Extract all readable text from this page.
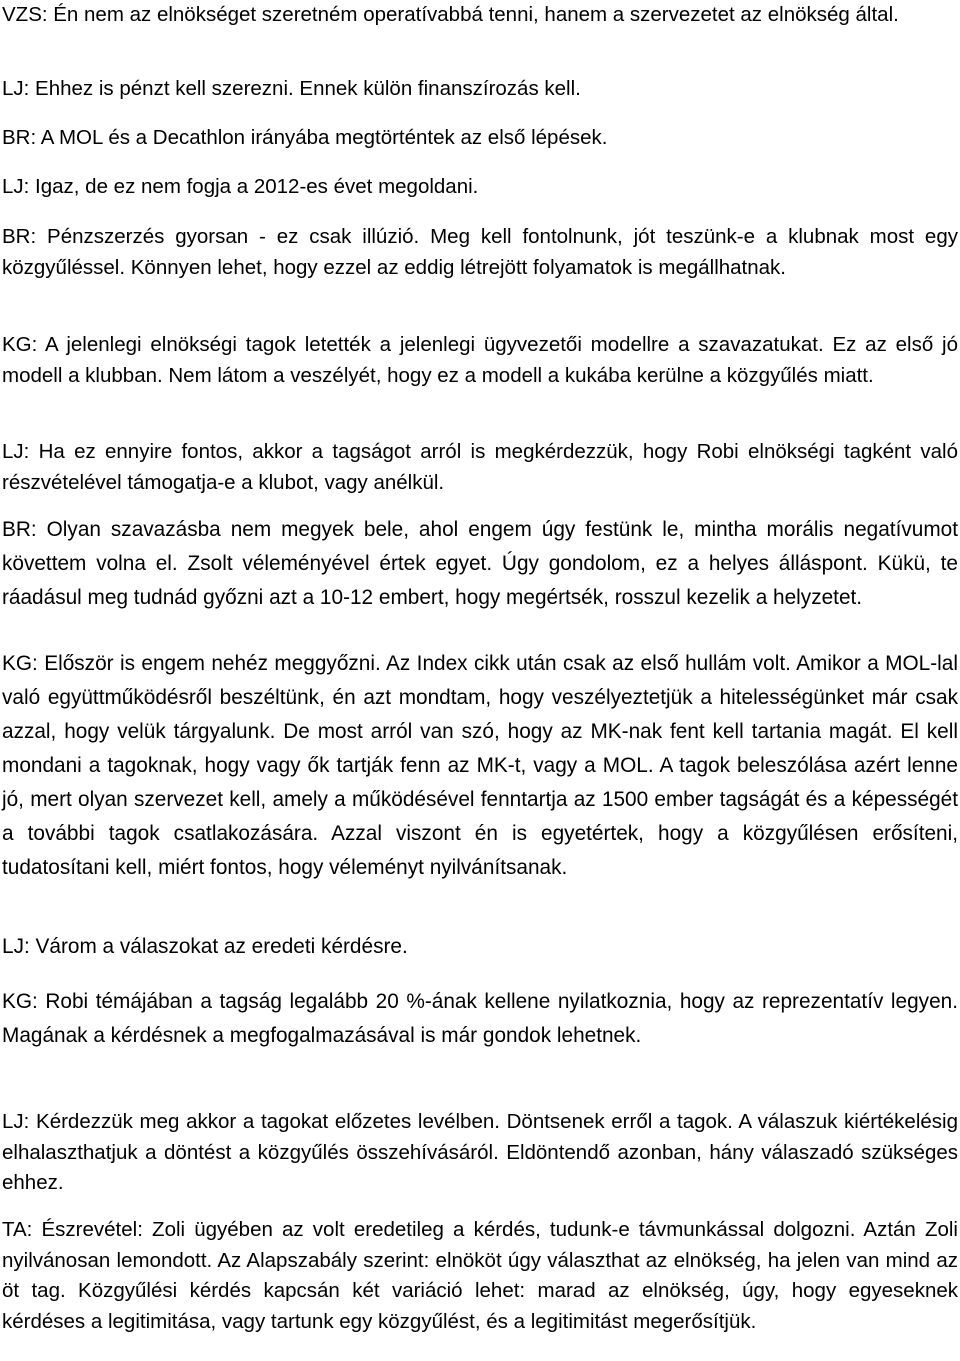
VZS: Én nem az elnökséget szeretném operatívabbá tenni, hanem a szervezetet az elnökség által.

LJ: Ehhez is pénzt kell szerezni. Ennek külön finanszírozás kell.

BR: A MOL és a Decathlon irányába megtörténtek az első lépések.

LJ: Igaz, de ez nem fogja a 2012-es évet megoldani.

BR: Pénzszerzés gyorsan - ez csak illúzió. Meg kell fontolnunk, jót teszünk-e a klubnak most egy közgyűléssel. Könnyen lehet, hogy ezzel az eddig létrejött folyamatok is megállhatnak.

KG: A jelenlegi elnökségi tagok letették a jelenlegi ügyvezetői modellre a szavazatukat. Ez az első jó modell a klubban. Nem látom a veszélyét, hogy ez a modell a kukába kerülne a közgyűlés miatt.

LJ: Ha ez ennyire fontos, akkor a tagságot arról is megkérdezzük, hogy Robi elnökségi tagként való részvételével támogatja-e a klubot, vagy anélkül.

BR: Olyan szavazásba nem megyek bele, ahol engem úgy festünk le, mintha morális negatívumot követtem volna el. Zsolt véleményével értek egyet. Úgy gondolom, ez a helyes álláspont. Kükü, te ráadásul meg tudnád győzni azt a 10-12 embert, hogy megértsék, rosszul kezelik a helyzetet.

KG: Először is engem nehéz meggyőzni. Az Index cikk után csak az első hullám volt. Amikor a MOL-lal való együttműködésről beszéltünk, én azt mondtam, hogy veszélyeztetjük a hitelességünket már csak azzal, hogy velük tárgyalunk. De most arról van szó, hogy az MK-nak fent kell tartania magát. El kell mondani a tagoknak, hogy vagy ők tartják fenn az MK-t, vagy a MOL. A tagok beleszólása azért lenne jó, mert olyan szervezet kell, amely a működésével fenntartja az 1500 ember tagságát és a képességét a további tagok csatlakozására. Azzal viszont én is egyetértek, hogy a közgyűlésen erősíteni, tudatosítani kell, miért fontos, hogy véleményt nyilvánítsanak.

LJ: Várom a válaszokat az eredeti kérdésre.

KG: Robi témájában a tagság legalább 20 %-ának kellene nyilatkoznia, hogy az reprezentatív legyen. Magának a kérdésnek a megfogalmazásával is már gondok lehetnek.

LJ: Kérdezzük meg akkor a tagokat előzetes levélben. Döntsenek erről a tagok. A válaszuk kiértékelésig elhalaszthatjuk a döntést a közgyűlés összehívásáról. Eldöntendő azonban, hány válaszadó szükséges ehhez.

TA: Észrevétel: Zoli ügyében az volt eredetileg a kérdés, tudunk-e távmunkással dolgozni. Aztán Zoli nyilvánosan lemondott. Az Alapszabály szerint: elnököt úgy választhat az elnökség, ha jelen van mind az öt tag. Közgyűlési kérdés kapcsán két variáció lehet: marad az elnökség, úgy, hogy egyeseknek kérdéses a legitimitása, vagy tartunk egy közgyűlést, és a legitimitást megerősítjük.
